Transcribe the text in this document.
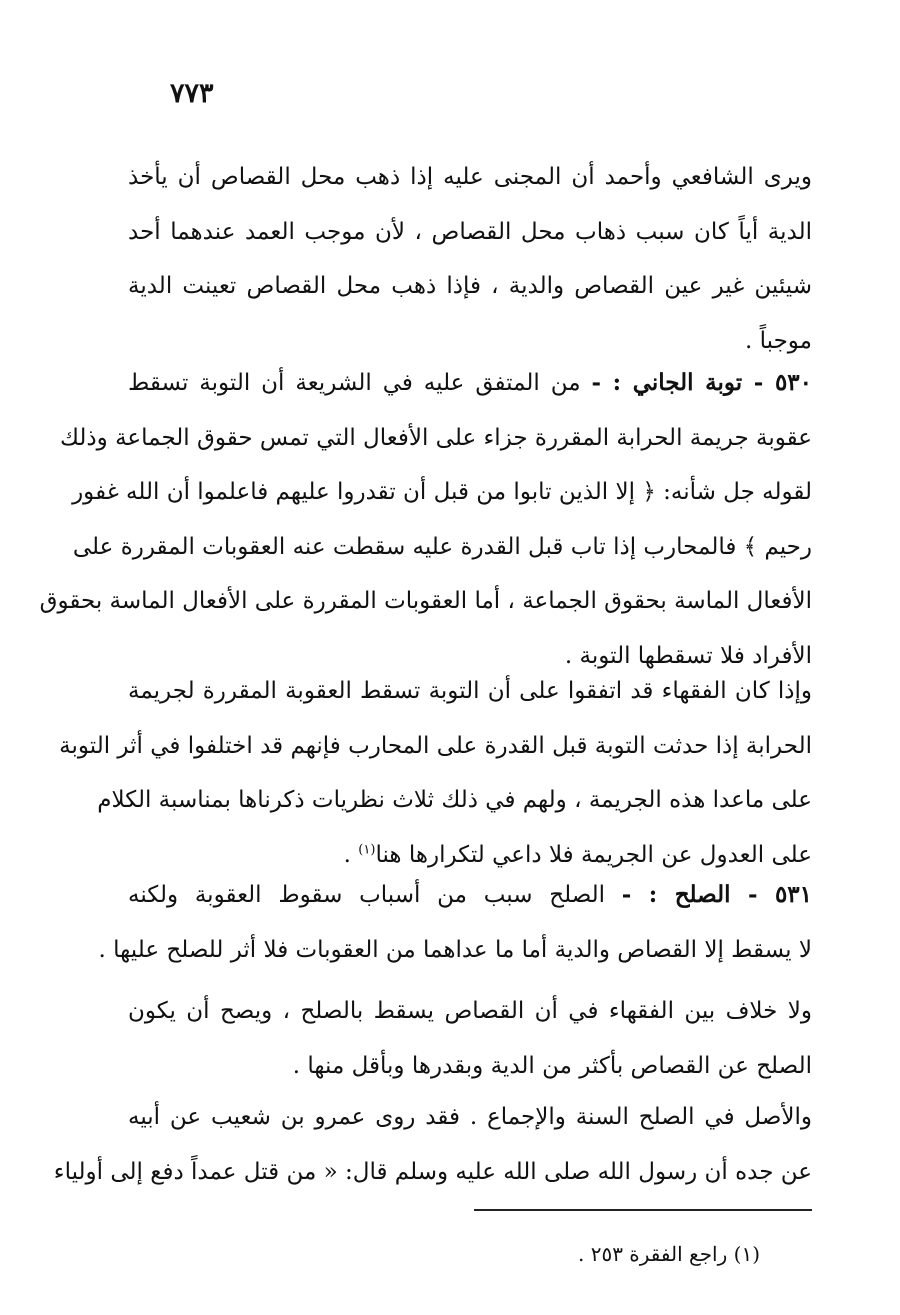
٧٧٣
ويرى الشافعي وأحمد أن المجنى عليه إذا ذهب محل القصاص أن يأخذ
الدية أياً كان سبب ذهاب محل القصاص ، لأن موجب العمد عندهما أحد
شيئين غير عين القصاص والدية ، فإذا ذهب محل القصاص تعينت الدية
موجباً .
٥٣٠ - توبة الجاني : - من المتفق عليه في الشريعة أن التوبة تسقط
عقوبة جريمة الحرابة المقررة جزاء على الأفعال التي تمس حقوق الجماعة وذلك
لقوله جل شأنه: ﴿ إلا الذين تابوا من قبل أن تقدروا عليهم فاعلموا أن الله غفور
رحيم ﴾ فالمحارب إذا تاب قبل القدرة عليه سقطت عنه العقوبات المقررة على
الأفعال الماسة بحقوق الجماعة ، أما العقوبات المقررة على الأفعال الماسة بحقوق
الأفراد فلا تسقطها التوبة .
وإذا كان الفقهاء قد اتفقوا على أن التوبة تسقط العقوبة المقررة لجريمة
الحرابة إذا حدثت التوبة قبل القدرة على المحارب فإنهم قد اختلفوا في أثر التوبة
على ماعدا هذه الجريمة ، ولهم في ذلك ثلاث نظريات ذكرناها بمناسبة الكلام
على العدول عن الجريمة فلا داعي لتكرارها هنا$^{(١)}$ .
٥٣١ - الصلح : - الصلح سبب من أسباب سقوط العقوبة ولكنه
لا يسقط إلا القصاص والدية أما ما عداهما من العقوبات فلا أثر للصلح عليها .
ولا خلاف بين الفقهاء في أن القصاص يسقط بالصلح ، ويصح أن يكون
الصلح عن القصاص بأكثر من الدية وبقدرها وبأقل منها .
والأصل في الصلح السنة والإجماع . فقد روى عمرو بن شعيب عن أبيه
عن جده أن رسول الله صلى الله عليه وسلم قال: « من قتل عمداً دفع إلى أولياء
(١) راجع الفقرة ٢٥٣ .
